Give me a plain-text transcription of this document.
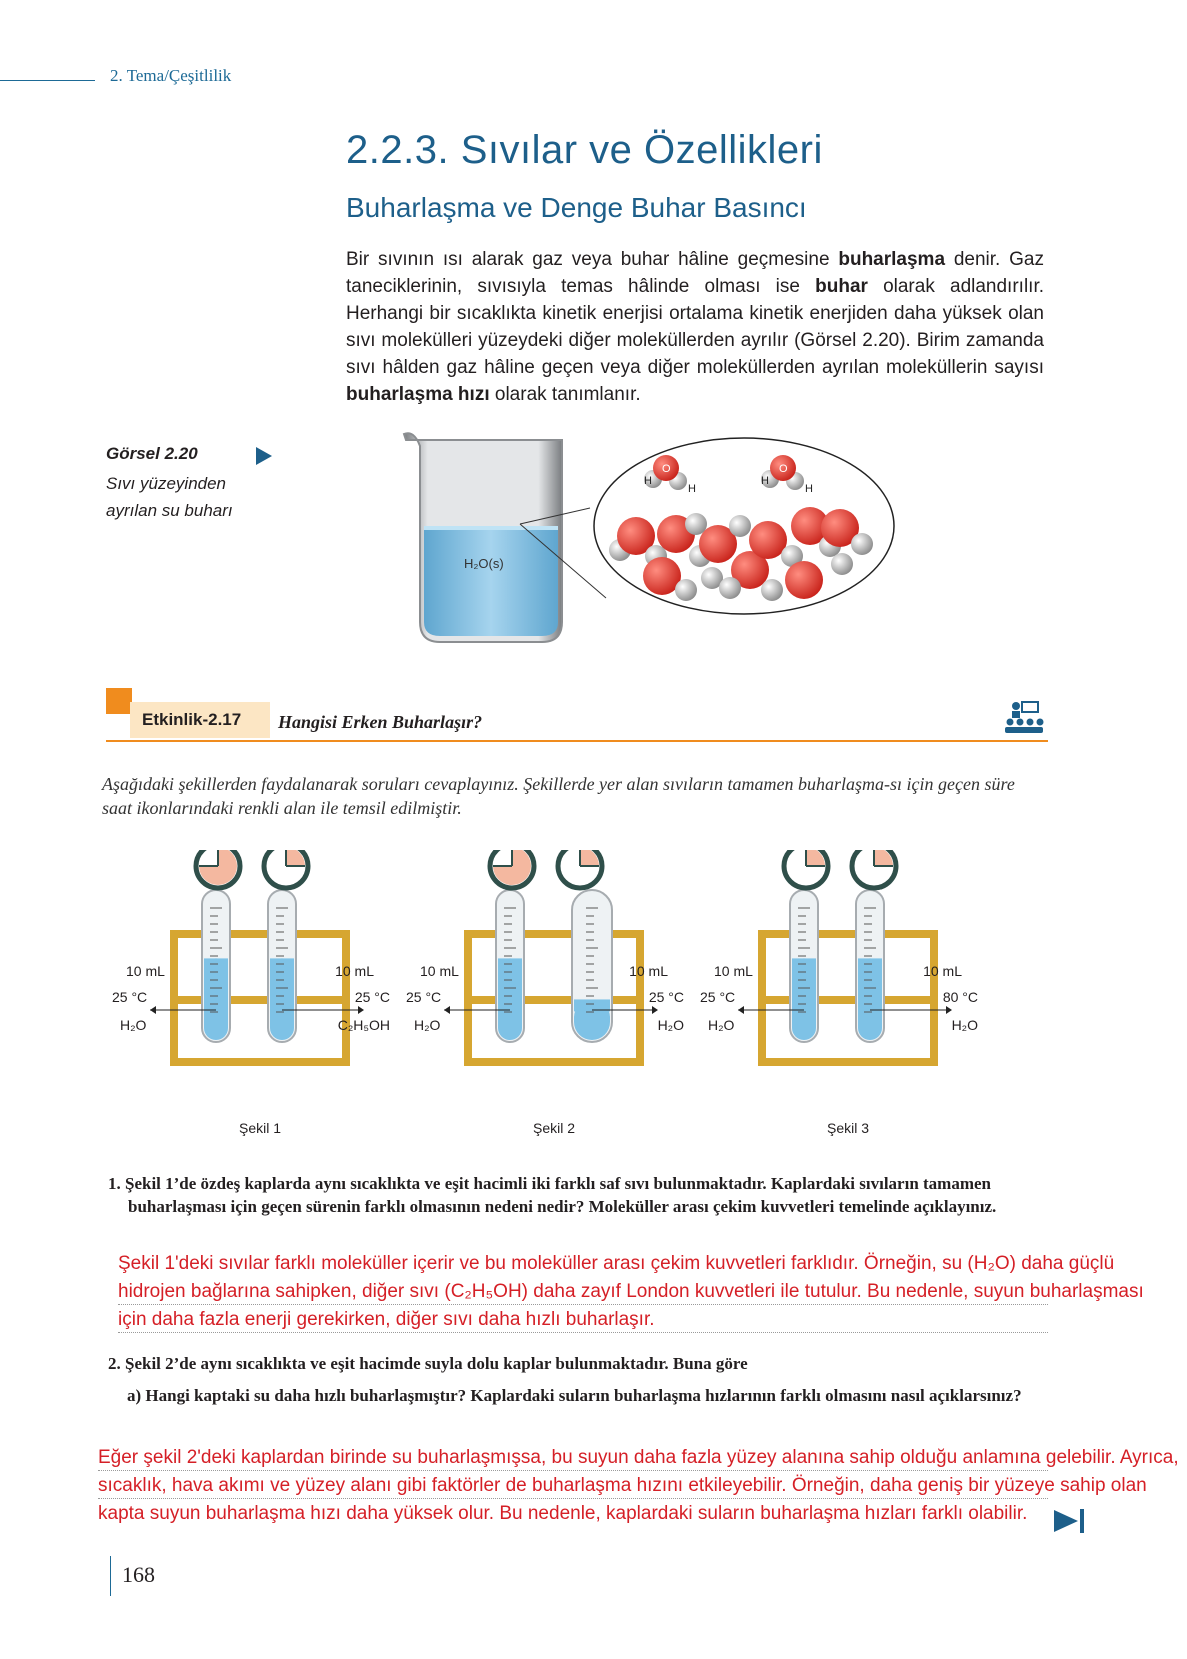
2. Tema/Çeşitlilik
2.2.3. Sıvılar ve Özellikleri
Buharlaşma ve Denge Buhar Basıncı
Bir sıvının ısı alarak gaz veya buhar hâline geçmesine buharlaşma denir. Gaz taneciklerinin, sıvısıyla temas hâlinde olması ise buhar olarak adlandırılır. Herhangi bir sıcaklıkta kinetik enerjisi ortalama kinetik enerjiden daha yüksek olan sıvı molekülleri yüzeydeki diğer moleküllerden ayrılır (Görsel 2.20). Birim zamanda sıvı hâlden gaz hâline geçen veya diğer moleküllerden ayrılan moleküllerin sayısı buharlaşma hızı olarak tanımlanır.
Görsel 2.20
Sıvı yüzeyinden ayrılan su buharı
H₂O(s)
O
H
H
O
H
H
Etkinlik-2.17 Hangisi Erken Buharlaşır?
Aşağıdaki şekillerden faydalanarak soruları cevaplayınız. Şekillerde yer alan sıvıların tamamen buharlaşma-sı için geçen süre saat ikonlarındaki renkli alan ile temsil edilmiştir.
10 mL
25 °C
H₂O
10 mL
25 °C
C₂H₅OH
Şekil 1
10 mL
25 °C
H₂O
10 mL
25 °C
H₂O
Şekil 2
10 mL
25 °C
H₂O
10 mL
80 °C
H₂O
Şekil 3
1. Şekil 1’de özdeş kaplarda aynı sıcaklıkta ve eşit hacimli iki farklı saf sıvı bulunmaktadır. Kaplardaki sıvıların tamamen buharlaşması için geçen sürenin farklı olmasının nedeni nedir? Moleküller arası çekim kuvvetleri temelinde açıklayınız.
Şekil 1'deki sıvılar farklı moleküller içerir ve bu moleküller arası çekim kuvvetleri farklıdır. Örneğin, su (H₂O) daha güçlü hidrojen bağlarına sahipken, diğer sıvı (C₂H₅OH) daha zayıf London kuvvetleri ile tutulur. Bu nedenle, suyun buharlaşması için daha fazla enerji gerekirken, diğer sıvı daha hızlı buharlaşır.
2. Şekil 2’de aynı sıcaklıkta ve eşit hacimde suyla dolu kaplar bulunmaktadır. Buna göre
a) Hangi kaptaki su daha hızlı buharlaşmıştır? Kaplardaki suların buharlaşma hızlarının farklı olmasını nasıl açıklarsınız?
Eğer şekil 2'deki kaplardan birinde su buharlaşmışsa, bu suyun daha fazla yüzey alanına sahip olduğu anlamına gelebilir. Ayrıca, sıcaklık, hava akımı ve yüzey alanı gibi faktörler de buharlaşma hızını etkileyebilir. Örneğin, daha geniş bir yüzeye sahip olan kapta suyun buharlaşma hızı daha yüksek olur. Bu nedenle, kaplardaki suların buharlaşma hızları farklı olabilir.
168
